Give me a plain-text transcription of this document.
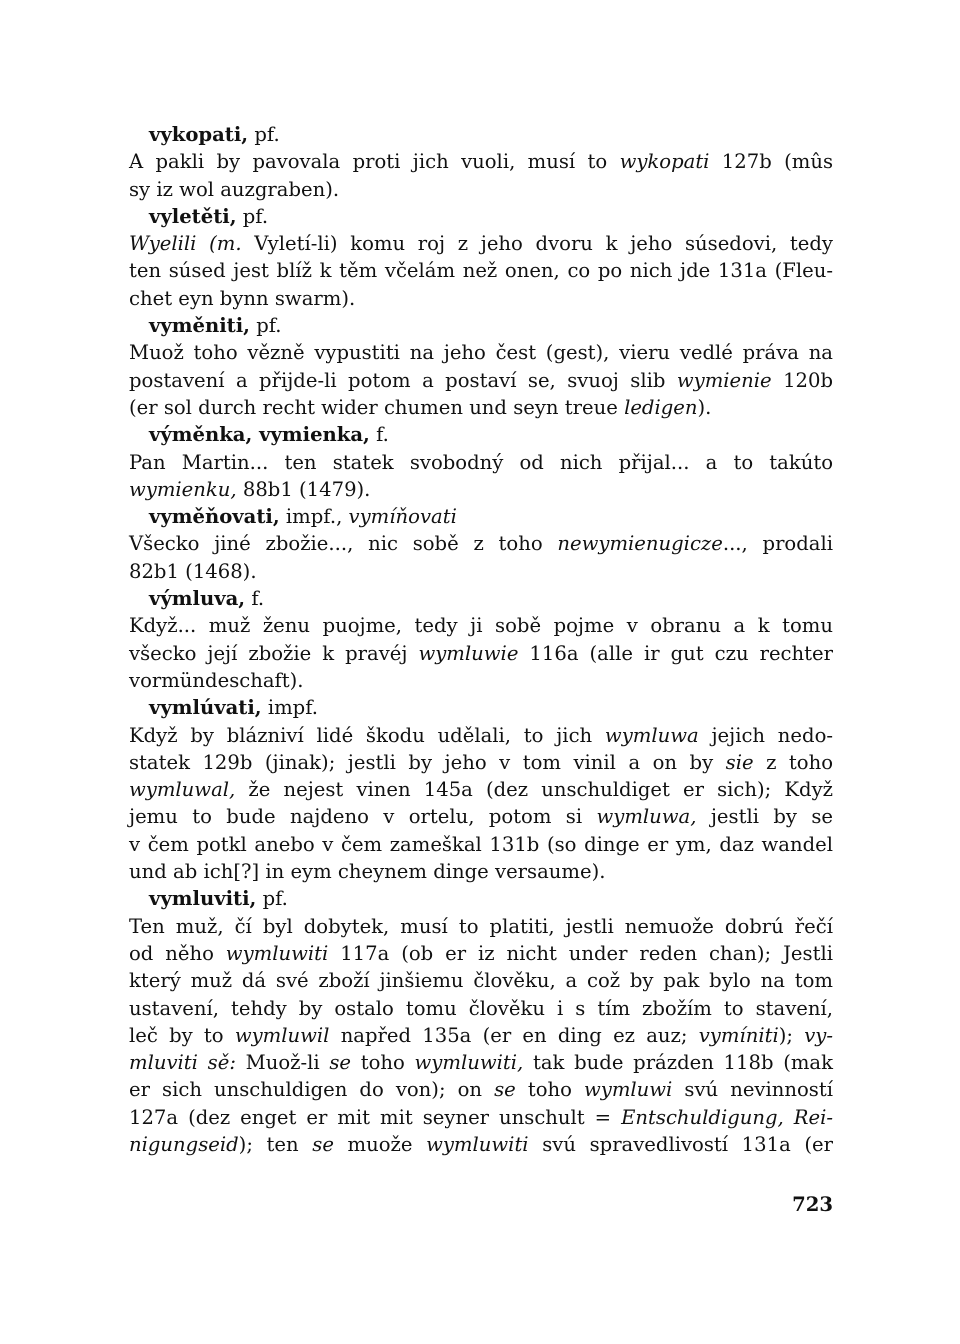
vykopati, pf.
A pakli by pavovala proti jich vuoli, musí to wykopati 127b (mûs
sy iz wol auzgraben).
vyletěti, pf.
Wyelili (m. Vyletí-li) komu roj z jeho dvoru k jeho súsedovi, tedy
ten súsed jest blíž k těm včelám než onen, co po nich jde 131a (Fleu-
chet eyn bynn swarm).
vyměniti, pf.
Muož toho vězně vypustiti na jeho čest (gest), vieru vedlé práva na
postavení a přijde-li potom a postaví se, svuoj slib wymienie 120b
(er sol durch recht wider chumen und seyn treue ledigen).
výměnka, vymienka, f.
Pan Martin... ten statek svobodný od nich přijal... a to takúto
wymienku, 88b1 (1479).
vyměňovati, impf., vymíňovati
Všecko jiné zbožie..., nic sobě z toho newymienugicze..., prodali
82b1 (1468).
výmluva, f.
Když... muž ženu puojme, tedy ji sobě pojme v obranu a k tomu
všecko její zbožie k pravéj wymluwie 116a (alle ir gut czu rechter
vormündeschaft).
vymlúvati, impf.
Když by blázniví lidé škodu udělali, to jich wymluwa jejich nedo-
statek 129b (jinak); jestli by jeho v tom vinil a on by sie z toho
wymluwal, že nejest vinen 145a (dez unschuldiget er sich); Když
jemu to bude najdeno v ortelu, potom si wymluwa, jestli by se
v čem potkl anebo v čem zameškal 131b (so dinge er ym, daz wandel
und ab ich[?] in eym cheynem dinge versaume).
vymluviti, pf.
Ten muž, čí byl dobytek, musí to platiti, jestli nemuože dobrú řečí
od něho wymluwiti 117a (ob er iz nicht under reden chan); Jestli
který muž dá své zboží jinšiemu člověku, a což by pak bylo na tom
ustavení, tehdy by ostalo tomu člověku i s tím zbožím to stavení,
leč by to wymluwil napřed 135a (er en ding ez auz; vymíniti); vy-
mluviti sě: Muož-li se toho wymluwiti, tak bude prázden 118b (mak
er sich unschuldigen do von); on se toho wymluwi svú nevinností
127a (dez enget er mit mit seyner unschult = Entschuldigung, Rei-
nigungseid); ten se muože wymluwiti svú spravedlivostí 131a (er
723
